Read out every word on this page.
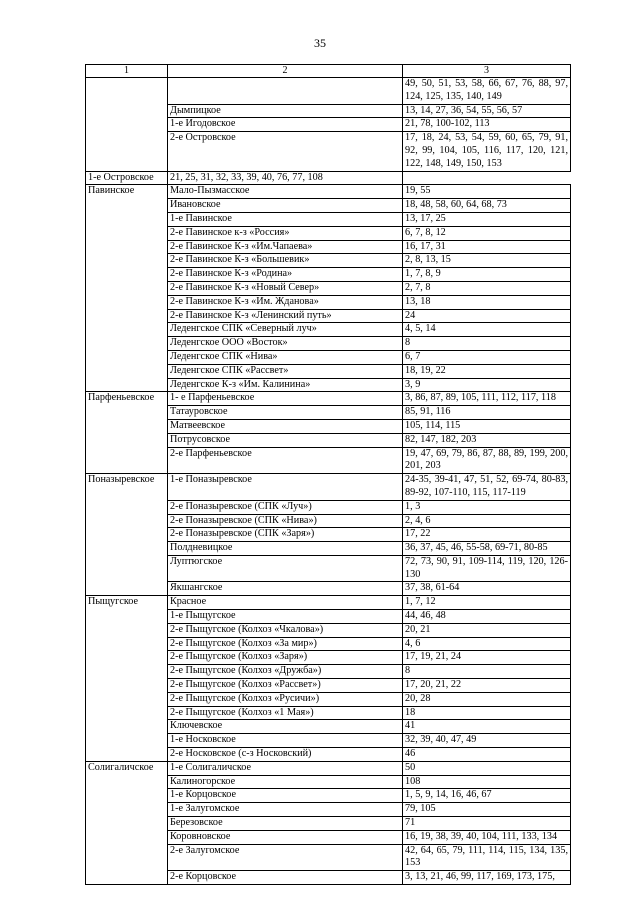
35
1	2	3
		49, 50, 51, 53, 58, 66, 67, 76, 88, 97, 124, 125, 135, 140, 149
	Дымпицкое	13, 14, 27, 36, 54, 55, 56, 57
	1-е Игодовское	21, 78, 100-102, 113
	2-е Островское	17, 18, 24, 53, 54, 59, 60, 65, 79, 91, 92, 99, 104, 105, 116, 117, 120, 121, 122, 148, 149, 150, 153
1-е Островское	21, 25, 31, 32, 33, 39, 40, 76, 77, 108	
Павинское	Мало-Пызмасское	19, 55
	Ивановское	18, 48, 58, 60, 64, 68, 73
	1-е Павинское	13, 17, 25
	2-е Павинское к-з «Россия»	6, 7, 8, 12
	2-е Павинское К-з «Им.Чапаева»	16, 17, 31
	2-е Павинское К-з «Большевик»	2, 8, 13, 15
	2-е Павинское К-з «Родина»	1, 7, 8, 9
	2-е Павинское К-з «Новый Север»	2, 7, 8
	2-е Павинское К-з «Им. Жданова»	13, 18
	2-е Павинское К-з «Ленинский путь»	24
	Леденгское СПК «Северный луч»	4, 5, 14
	Леденгское ООО «Восток»	8
	Леденгское СПК «Нива»	6, 7
	Леденгское СПК «Рассвет»	18, 19, 22
	Леденгское К-з «Им. Калинина»	3, 9
Парфеньевское	1- е Парфеньевское	3, 86, 87, 89, 105, 111, 112, 117, 118
	Татауровское	85, 91, 116
	Матвеевское	105, 114, 115
	Потрусовское	82, 147, 182, 203
	2-е Парфеньевское	19, 47, 69, 79, 86, 87, 88, 89, 199, 200, 201, 203
Поназыревское	1-е Поназыревское	24-35, 39-41, 47, 51, 52, 69-74, 80-83, 89-92, 107-110, 115, 117-119
	2-е Поназыревское (СПК «Луч»)	1, 3
	2-е Поназыревское (СПК «Нива»)	2, 4, 6
	2-е Поназыревское (СПК «Заря»)	17, 22
	Полдневицкое	36, 37, 45, 46, 55-58, 69-71, 80-85
	Луптюгское	72, 73, 90, 91, 109-114, 119, 120, 126-130
	Якшангское	37, 38, 61-64
Пыщугское	Красное	1, 7, 12
	1-е Пыщугское	44, 46, 48
	2-е Пыщугское (Колхоз «Чкалова»)	20, 21
	2-е Пыщугское (Колхоз «За мир»)	4, 6
	2-е Пыщугское (Колхоз «Заря»)	17, 19, 21, 24
	2-е Пыщугское (Колхоз «Дружба»)	8
	2-е Пыщугское (Колхоз «Рассвет»)	17, 20, 21, 22
	2-е Пыщугское (Колхоз «Русичи»)	20, 28
	2-е Пыщугское (Колхоз «1 Мая»)	18
	Ключевское	41
	1-е Носковское	32, 39, 40, 47, 49
	2-е Носковское (с-з Носковский)	46
Солигаличское	1-е Солигаличское	50
	Калиногорское	108
	1-е Корцовское	1, 5, 9, 14, 16, 46, 67
	1-е Залугомское	79, 105
	Березовское	71
	Коровновское	16, 19, 38, 39, 40, 104, 111, 133, 134
	2-е Залугомское	42, 64, 65, 79, 111, 114, 115, 134, 135, 153
	2-е Корцовское	3, 13, 21, 46, 99, 117, 169, 173, 175,
